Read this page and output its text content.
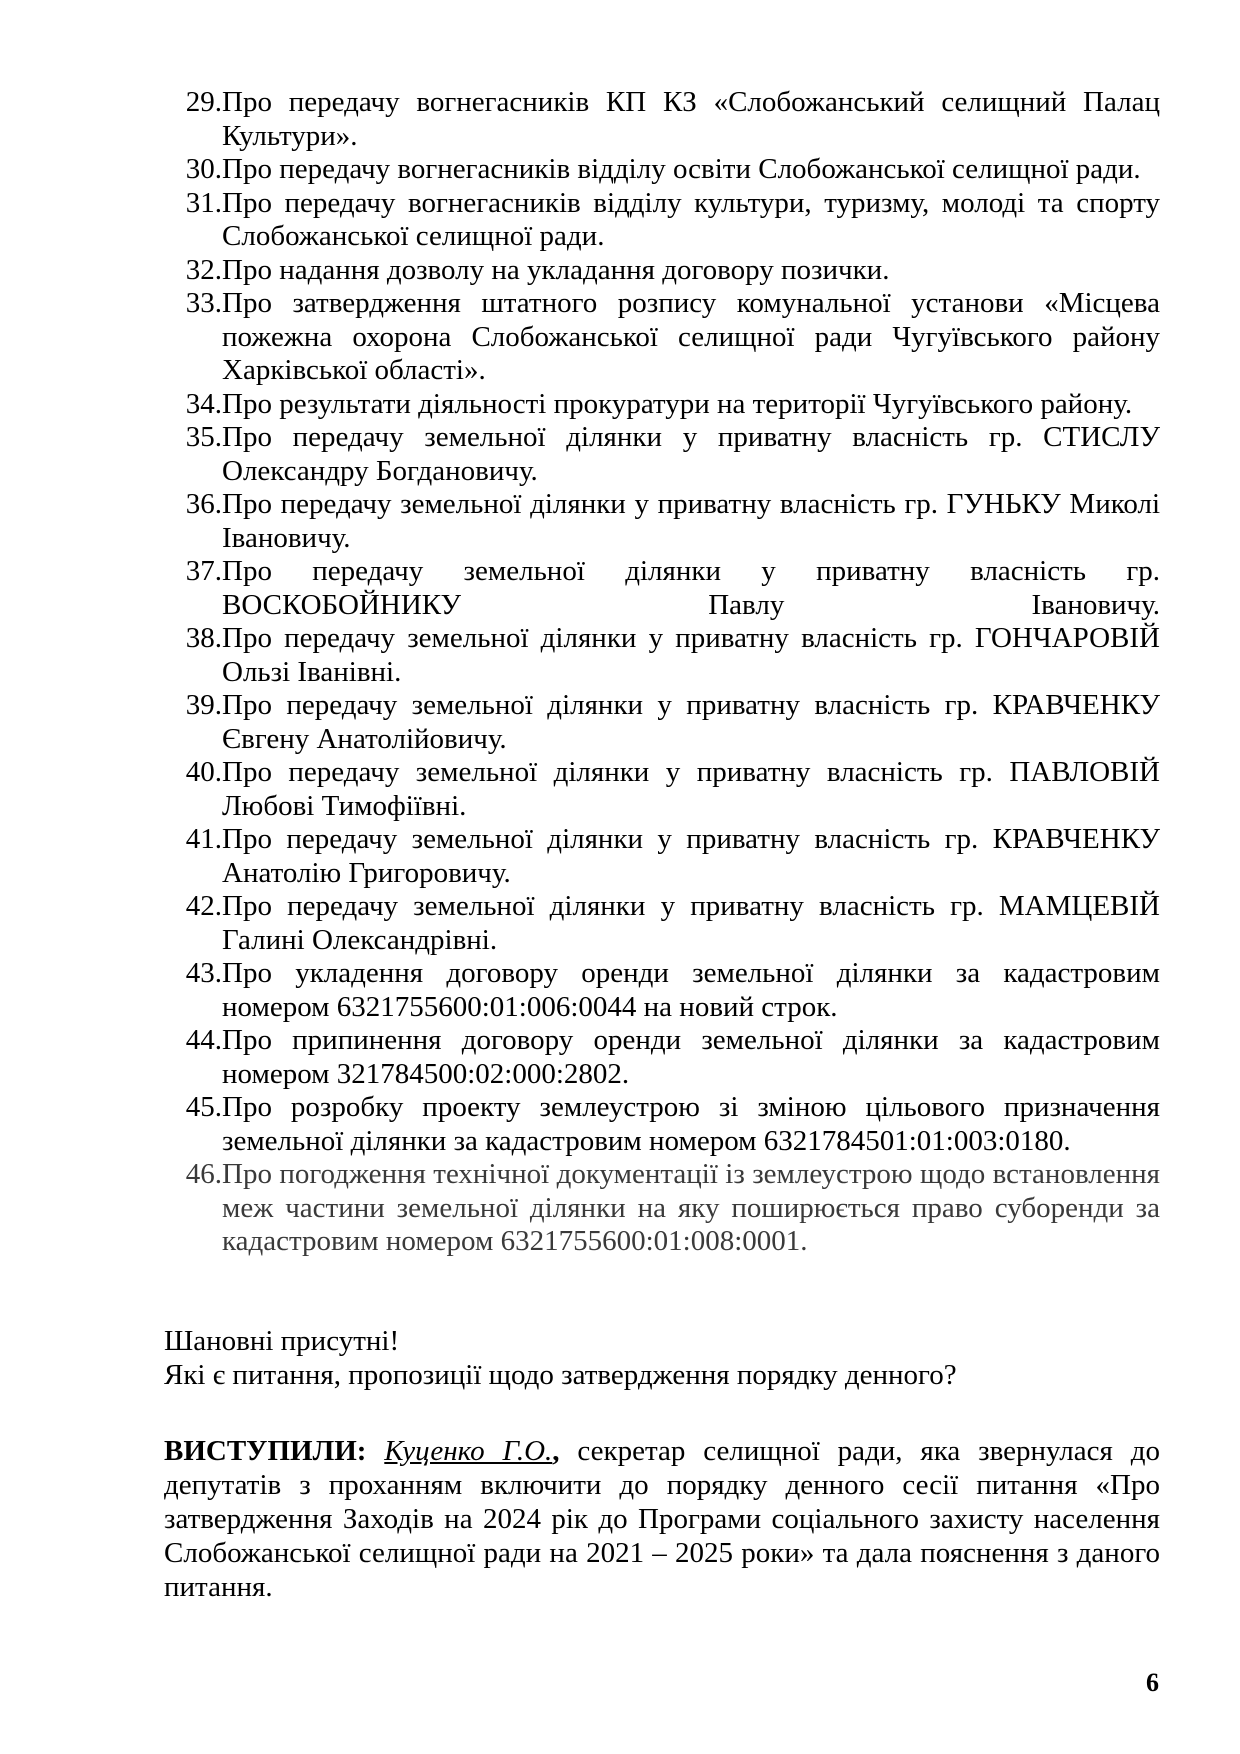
29. Про передачу вогнегасників КП КЗ «Слобожанський селищний Палац Культури».
30. Про передачу вогнегасників відділу освіти Слобожанської селищної ради.
31. Про передачу вогнегасників відділу культури, туризму, молоді та спорту Слобожанської селищної ради.
32. Про надання дозволу на укладання договору позички.
33. Про затвердження штатного розпису комунальної установи «Місцева пожежна охорона Слобожанської селищної ради Чугуївського району Харківської області».
34. Про результати діяльності прокуратури на території Чугуївського району.
35. Про передачу земельної ділянки у приватну власність гр. СТИСЛУ Олександру Богдановичу.
36. Про передачу земельної ділянки у приватну власність гр. ГУНЬКУ Миколі Івановичу.
37. Про передачу земельної ділянки у приватну власність гр. ВОСКОБОЙНИКУ Павлу Івановичу.
38. Про передачу земельної ділянки у приватну власність гр. ГОНЧАРОВІЙ Ользі Іванівні.
39. Про передачу земельної ділянки у приватну власність гр. КРАВЧЕНКУ Євгену Анатолійовичу.
40. Про передачу земельної ділянки у приватну власність гр. ПАВЛОВІЙ Любові Тимофіївні.
41. Про передачу земельної ділянки у приватну власність гр. КРАВЧЕНКУ Анатолію Григоровичу.
42. Про передачу земельної ділянки у приватну власність гр. МАМЦЕВІЙ Галині Олександрівні.
43. Про укладення договору оренди земельної ділянки за кадастровим номером 6321755600:01:006:0044 на новий строк.
44. Про припинення договору оренди земельної ділянки за кадастровим номером 321784500:02:000:2802.
45. Про розробку проекту землеустрою зі зміною цільового призначення земельної ділянки за кадастровим номером 6321784501:01:003:0180.
46. Про погодження технічної документації із землеустрою щодо встановлення меж частини земельної ділянки на яку поширюється право суборенди за кадастровим номером 6321755600:01:008:0001.

Шановні присутні!

Які є питання, пропозиції щодо затвердження порядку денного?

ВИСТУПИЛИ: Куценко Г.О., секретар селищної ради, яка звернулася до депутатів з проханням включити до порядку денного сесії питання «Про затвердження Заходів на 2024 рік до Програми соціального захисту населення Слобожанської селищної ради на 2021 – 2025 роки» та дала пояснення з даного питання.

6
